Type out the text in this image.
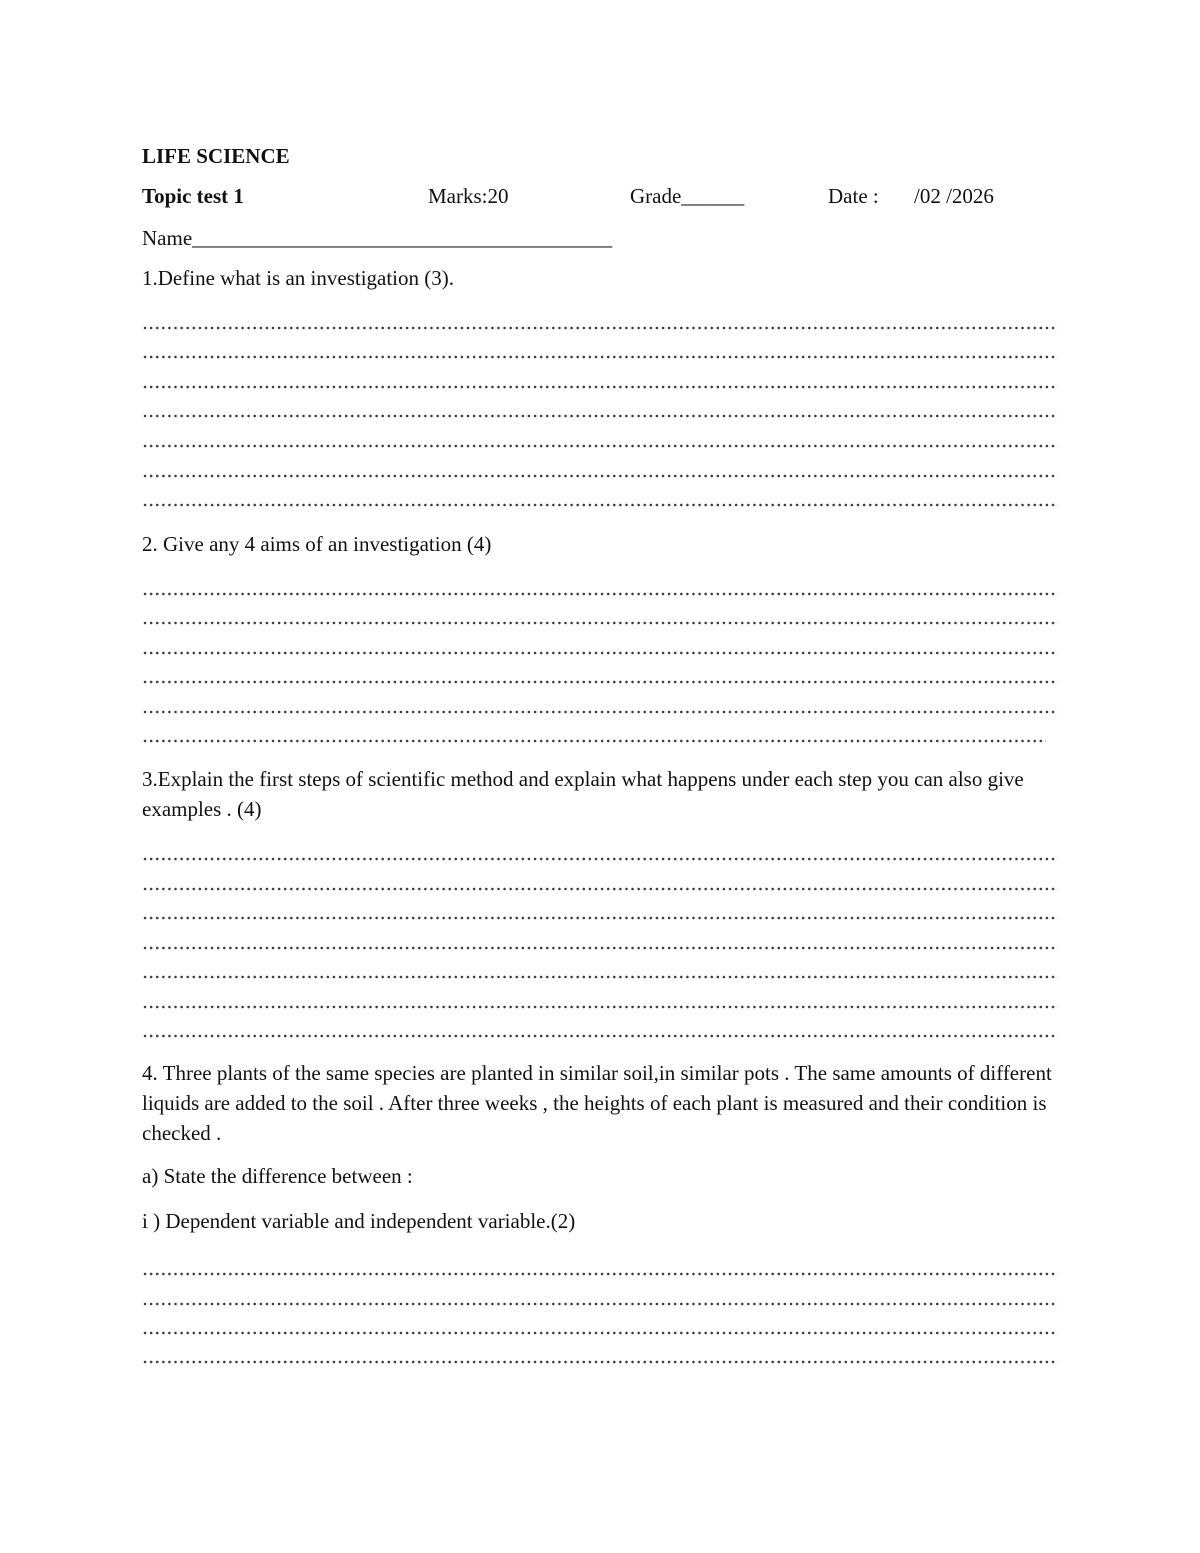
LIFE SCIENCE
Topic test 1	Marks:20	Grade______	Date : /02 /2026
Name________________________________________
1.Define what is an investigation (3).
2. Give any 4 aims of an investigation (4)
3.Explain the first steps of scientific method and explain what happens under each step you can also give examples . (4)
4. Three plants of the same species are planted in similar soil,in similar pots . The same amounts of different liquids are added to the soil . After three weeks , the heights of each plant is measured and their condition is checked .
a) State the difference between :
i ) Dependent variable and independent variable.(2)
